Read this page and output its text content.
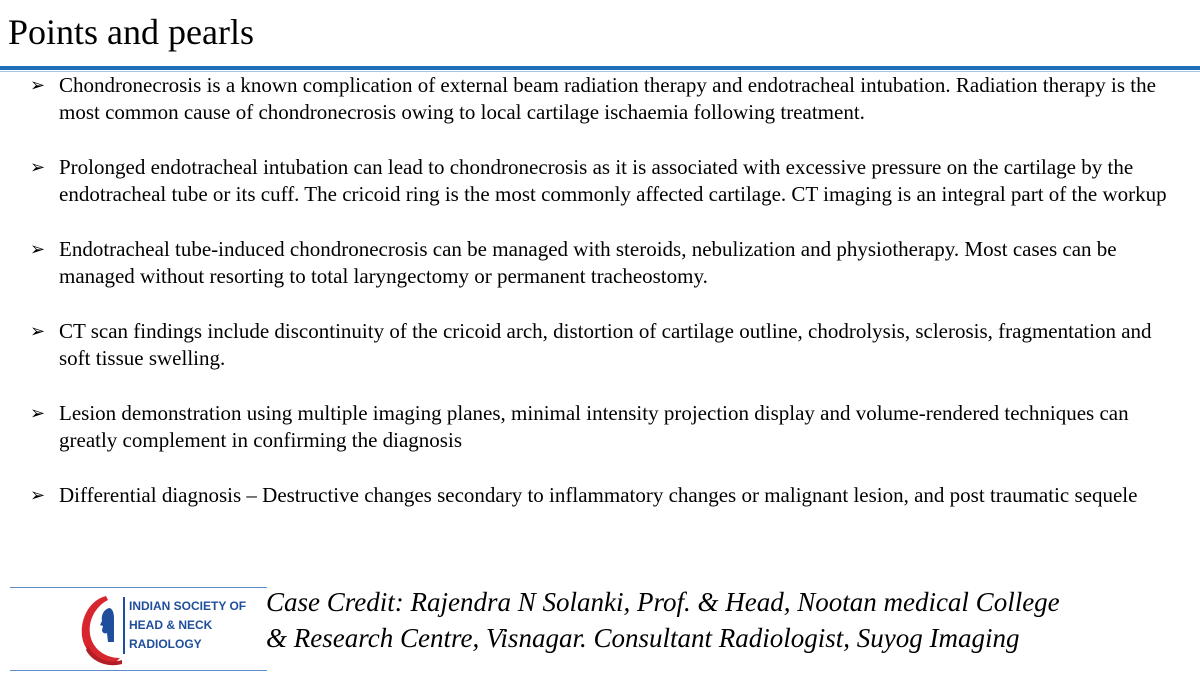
Points and pearls
➢ Chondronecrosis is a known complication of external beam radiation therapy and endotracheal intubation. Radiation therapy is the most common cause of chondronecrosis owing to local cartilage ischaemia following treatment.
➢ Prolonged endotracheal intubation can lead to chondronecrosis as it is associated with excessive pressure on the cartilage by the endotracheal tube or its cuff. The cricoid ring is the most commonly affected cartilage. CT imaging is an integral part of the workup
➢ Endotracheal tube-induced chondronecrosis can be managed with steroids, nebulization and physiotherapy. Most cases can be managed without resorting to total laryngectomy or permanent tracheostomy.
➢ CT scan findings include discontinuity of the cricoid arch, distortion of cartilage outline, chodrolysis, sclerosis, fragmentation and soft tissue swelling.
➢ Lesion demonstration using multiple imaging planes, minimal intensity projection display and volume-rendered techniques can greatly complement in confirming the diagnosis
➢ Differential diagnosis – Destructive changes secondary to inflammatory changes or malignant lesion, and post traumatic sequele
INDIAN SOCIETY OF
HEAD & NECK
RADIOLOGY
Case Credit: Rajendra N Solanki, Prof. & Head, Nootan medical College
& Research Centre, Visnagar. Consultant Radiologist, Suyog Imaging
